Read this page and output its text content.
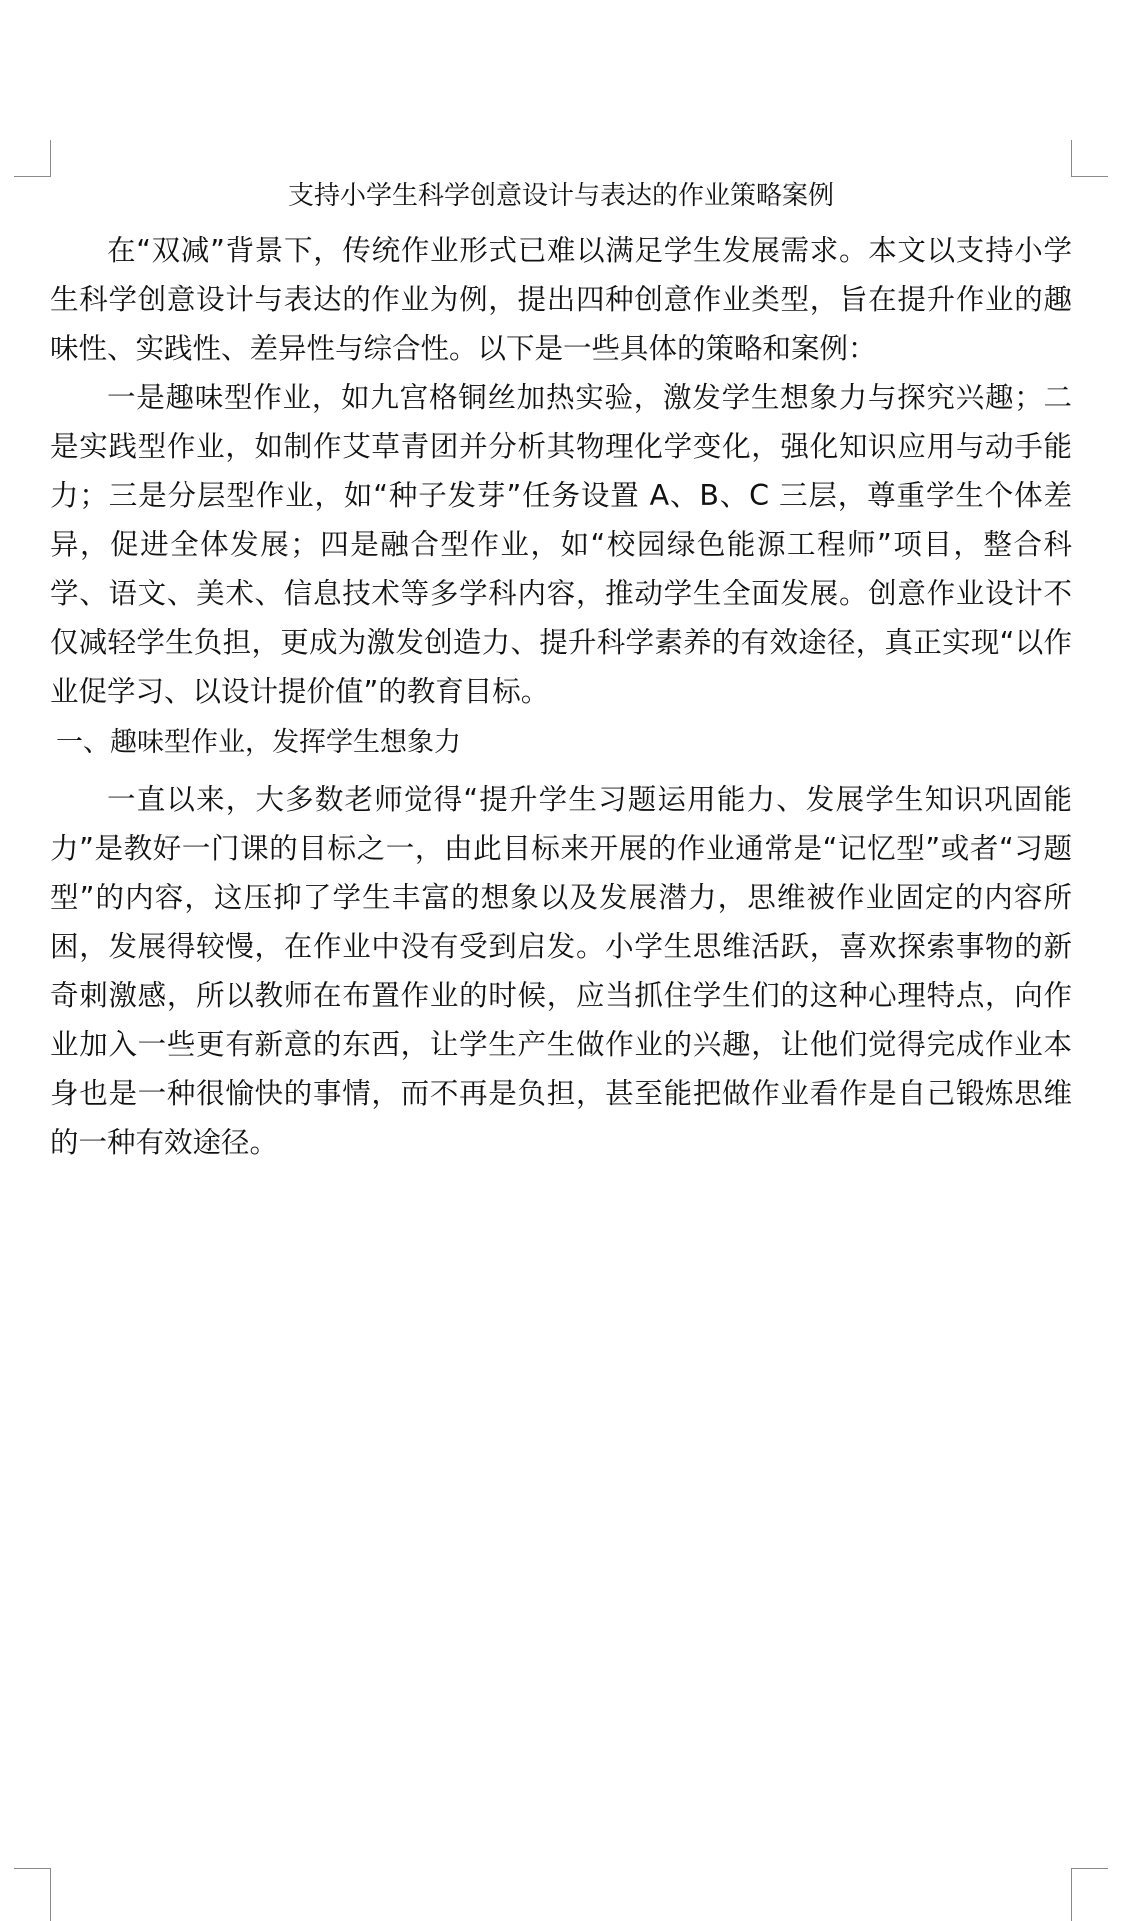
支持小学生科学创意设计与表达的作业策略案例

在“双减”背景下，传统作业形式已难以满足学生发展需求。本文以支持小学生科学创意设计与表达的作业为例，提出四种创意作业类型，旨在提升作业的趣味性、实践性、差异性与综合性。以下是一些具体的策略和案例：

一是趣味型作业，如九宫格铜丝加热实验，激发学生想象力与探究兴趣；二是实践型作业，如制作艾草青团并分析其物理化学变化，强化知识应用与动手能力；三是分层型作业，如“种子发芽”任务设置 A、B、C 三层，尊重学生个体差异，促进全体发展；四是融合型作业，如“校园绿色能源工程师”项目，整合科学、语文、美术、信息技术等多学科内容，推动学生全面发展。创意作业设计不仅减轻学生负担，更成为激发创造力、提升科学素养的有效途径，真正实现“以作业促学习、以设计提价值”的教育目标。

一、趣味型作业，发挥学生想象力

一直以来，大多数老师觉得“提升学生习题运用能力、发展学生知识巩固能力”是教好一门课的目标之一，由此目标来开展的作业通常是“记忆型”或者“习题型”的内容，这压抑了学生丰富的想象以及发展潜力，思维被作业固定的内容所困，发展得较慢，在作业中没有受到启发。小学生思维活跃，喜欢探索事物的新奇刺激感，所以教师在布置作业的时候，应当抓住学生们的这种心理特点，向作业加入一些更有新意的东西，让学生产生做作业的兴趣，让他们觉得完成作业本身也是一种很愉快的事情，而不再是负担，甚至能把做作业看作是自己锻炼思维的一种有效途径。
